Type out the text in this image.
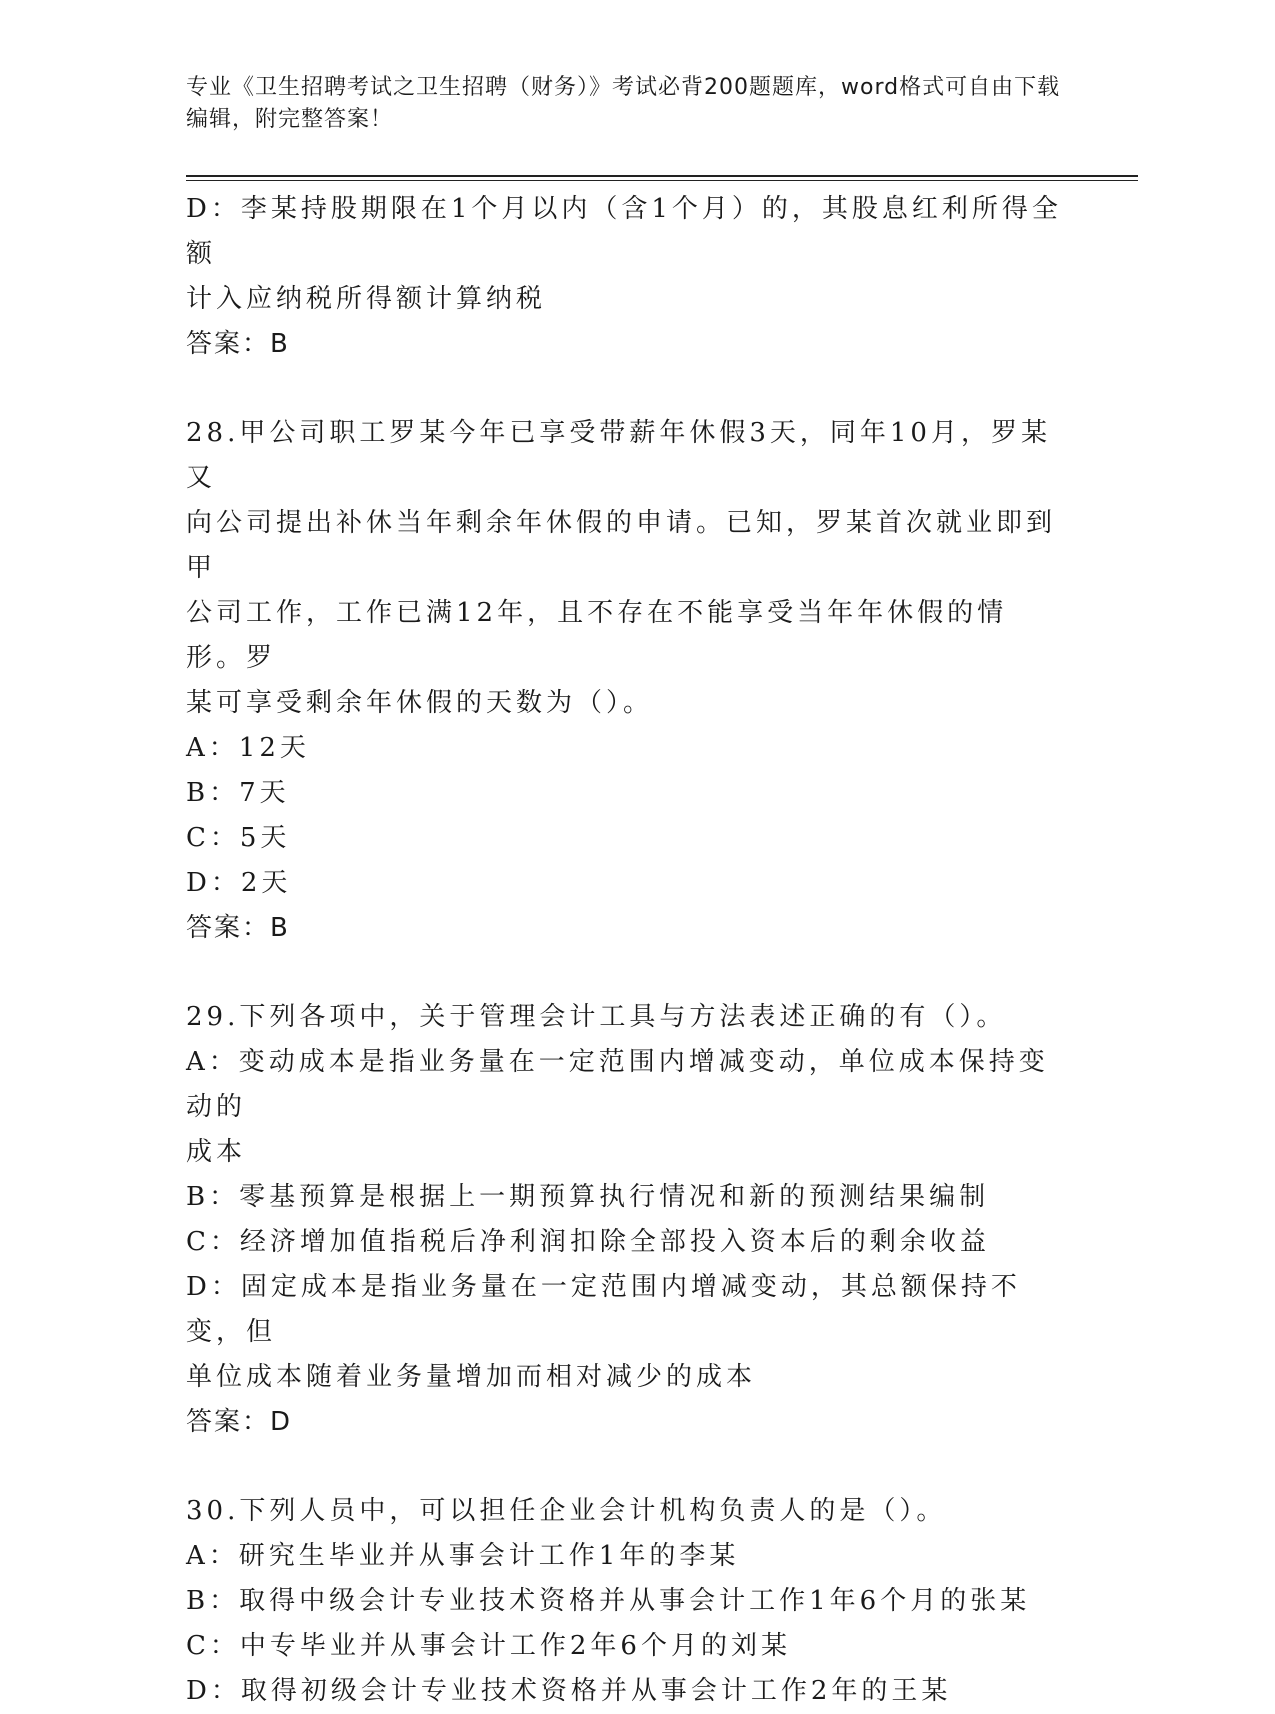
专业《卫生招聘考试之卫生招聘（财务）》考试必背200题题库，word格式可自由下载编辑，附完整答案！
D：李某持股期限在1个月以内（含1个月）的，其股息红利所得全额
计入应纳税所得额计算纳税
答案：B
28.甲公司职工罗某今年已享受带薪年休假3天，同年10月，罗某又
向公司提出补休当年剩余年休假的申请。已知，罗某首次就业即到甲
公司工作，工作已满12年，且不存在不能享受当年年休假的情形。罗
某可享受剩余年休假的天数为（）。
A：12天
B：7天
C：5天
D：2天
答案：B
29.下列各项中，关于管理会计工具与方法表述正确的有（）。
A：变动成本是指业务量在一定范围内增减变动，单位成本保持变动的
成本
B：零基预算是根据上一期预算执行情况和新的预测结果编制
C：经济增加值指税后净利润扣除全部投入资本后的剩余收益
D：固定成本是指业务量在一定范围内增减变动，其总额保持不变，但
单位成本随着业务量增加而相对减少的成本
答案：D
30.下列人员中，可以担任企业会计机构负责人的是（）。
A：研究生毕业并从事会计工作1年的李某
B：取得中级会计专业技术资格并从事会计工作1年6个月的张某
C：中专毕业并从事会计工作2年6个月的刘某
D：取得初级会计专业技术资格并从事会计工作2年的王某
